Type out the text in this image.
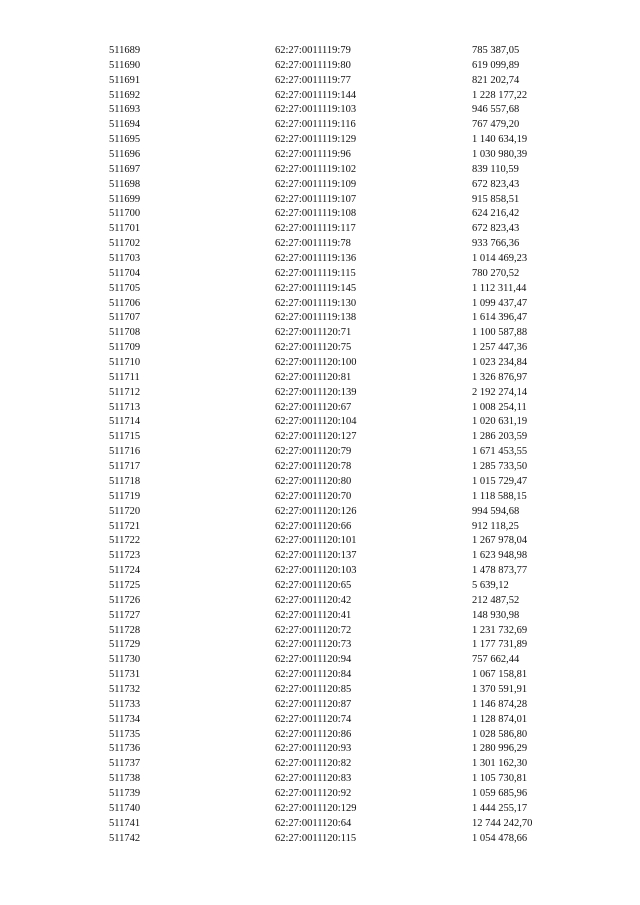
511689	62:27:0011119:79	785 387,05
511690	62:27:0011119:80	619 099,89
511691	62:27:0011119:77	821 202,74
511692	62:27:0011119:144	1 228 177,22
511693	62:27:0011119:103	946 557,68
511694	62:27:0011119:116	767 479,20
511695	62:27:0011119:129	1 140 634,19
511696	62:27:0011119:96	1 030 980,39
511697	62:27:0011119:102	839 110,59
511698	62:27:0011119:109	672 823,43
511699	62:27:0011119:107	915 858,51
511700	62:27:0011119:108	624 216,42
511701	62:27:0011119:117	672 823,43
511702	62:27:0011119:78	933 766,36
511703	62:27:0011119:136	1 014 469,23
511704	62:27:0011119:115	780 270,52
511705	62:27:0011119:145	1 112 311,44
511706	62:27:0011119:130	1 099 437,47
511707	62:27:0011119:138	1 614 396,47
511708	62:27:0011120:71	1 100 587,88
511709	62:27:0011120:75	1 257 447,36
511710	62:27:0011120:100	1 023 234,84
511711	62:27:0011120:81	1 326 876,97
511712	62:27:0011120:139	2 192 274,14
511713	62:27:0011120:67	1 008 254,11
511714	62:27:0011120:104	1 020 631,19
511715	62:27:0011120:127	1 286 203,59
511716	62:27:0011120:79	1 671 453,55
511717	62:27:0011120:78	1 285 733,50
511718	62:27:0011120:80	1 015 729,47
511719	62:27:0011120:70	1 118 588,15
511720	62:27:0011120:126	994 594,68
511721	62:27:0011120:66	912 118,25
511722	62:27:0011120:101	1 267 978,04
511723	62:27:0011120:137	1 623 948,98
511724	62:27:0011120:103	1 478 873,77
511725	62:27:0011120:65	5 639,12
511726	62:27:0011120:42	212 487,52
511727	62:27:0011120:41	148 930,98
511728	62:27:0011120:72	1 231 732,69
511729	62:27:0011120:73	1 177 731,89
511730	62:27:0011120:94	757 662,44
511731	62:27:0011120:84	1 067 158,81
511732	62:27:0011120:85	1 370 591,91
511733	62:27:0011120:87	1 146 874,28
511734	62:27:0011120:74	1 128 874,01
511735	62:27:0011120:86	1 028 586,80
511736	62:27:0011120:93	1 280 996,29
511737	62:27:0011120:82	1 301 162,30
511738	62:27:0011120:83	1 105 730,81
511739	62:27:0011120:92	1 059 685,96
511740	62:27:0011120:129	1 444 255,17
511741	62:27:0011120:64	12 744 242,70
511742	62:27:0011120:115	1 054 478,66
